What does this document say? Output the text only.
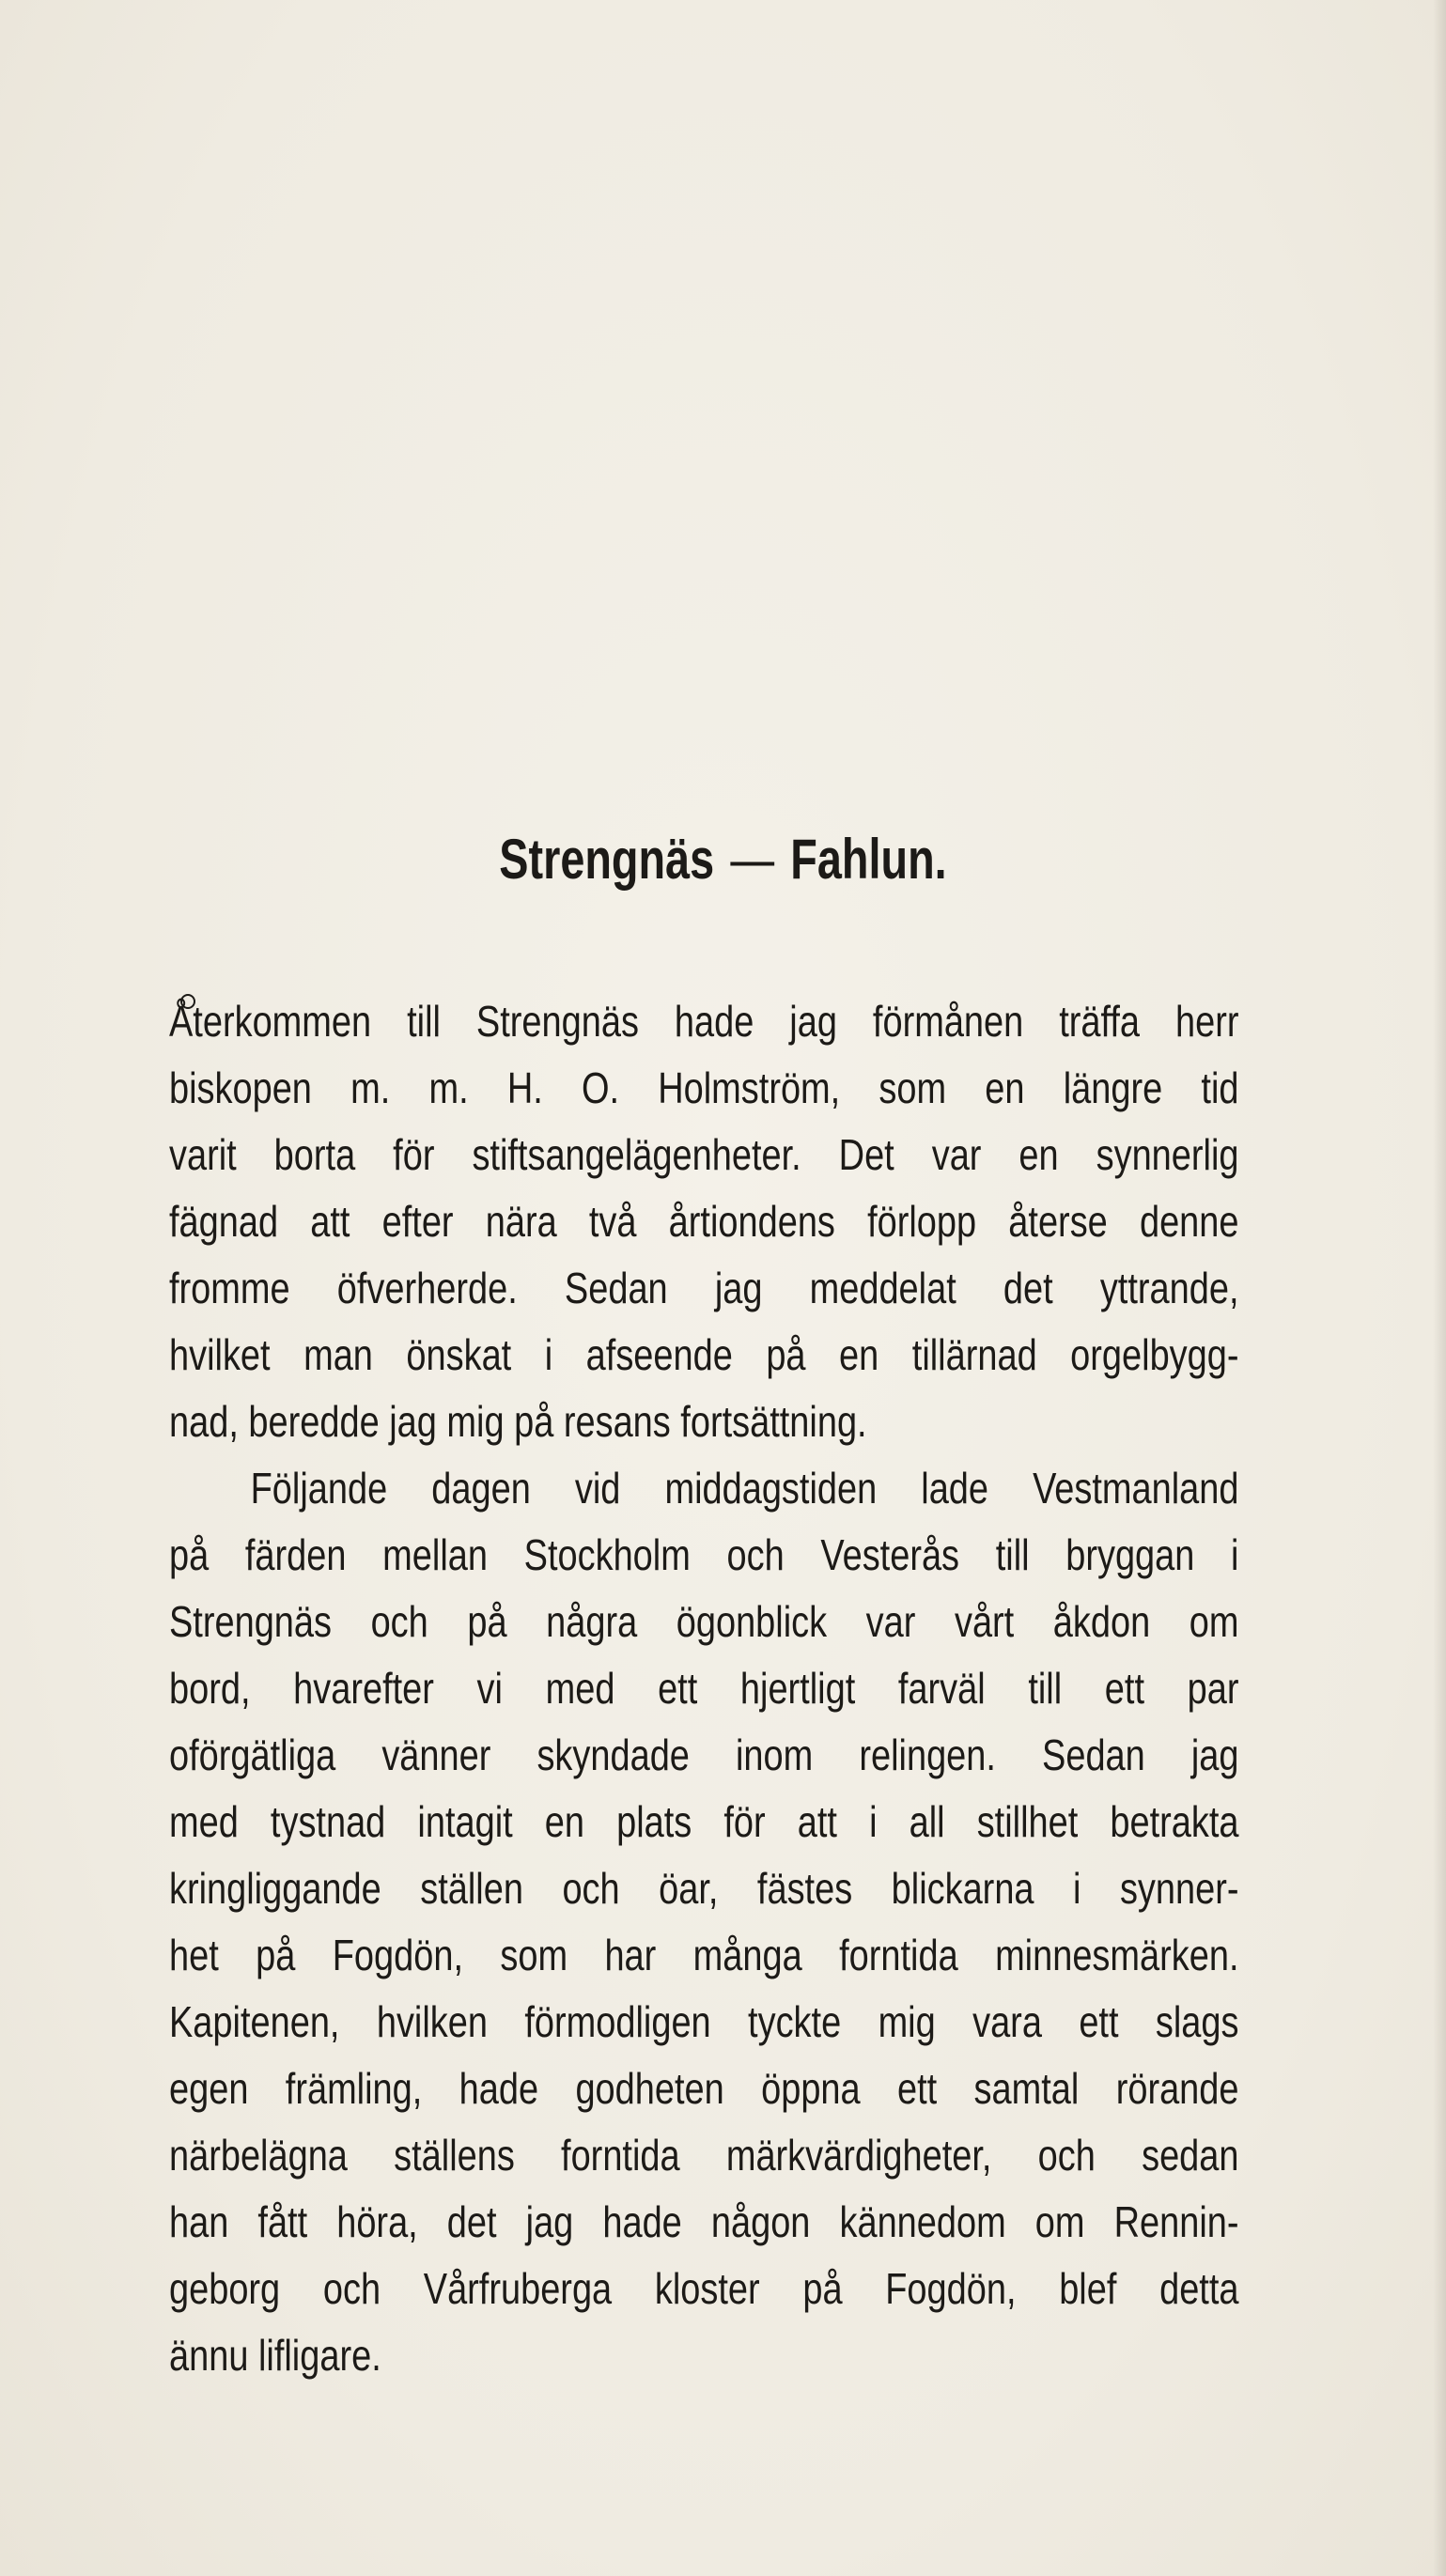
Strengnäs — Fahlun.
Återkommen till Strengnäs hade jag förmånen träffa herr
biskopen m. m. H. O. Holmström, som en längre tid
varit borta för stiftsangelägenheter. Det var en synnerlig
fägnad att efter nära två årtiondens förlopp återse denne
fromme öfverherde. Sedan jag meddelat det yttrande,
hvilket man önskat i afseende på en tillärnad orgelbygg-
nad, beredde jag mig på resans fortsättning.
Följande dagen vid middagstiden lade Vestmanland
på färden mellan Stockholm och Vesterås till bryggan i
Strengnäs och på några ögonblick var vårt åkdon om
bord, hvarefter vi med ett hjertligt farväl till ett par
oförgätliga vänner skyndade inom relingen. Sedan jag
med tystnad intagit en plats för att i all stillhet betrakta
kringliggande ställen och öar, fästes blickarna i synner-
het på Fogdön, som har många forntida minnesmärken.
Kapitenen, hvilken förmodligen tyckte mig vara ett slags
egen främling, hade godheten öppna ett samtal rörande
närbelägna ställens forntida märkvärdigheter, och sedan
han fått höra, det jag hade någon kännedom om Rennin-
geborg och Vårfruberga kloster på Fogdön, blef detta
ännu lifligare.
